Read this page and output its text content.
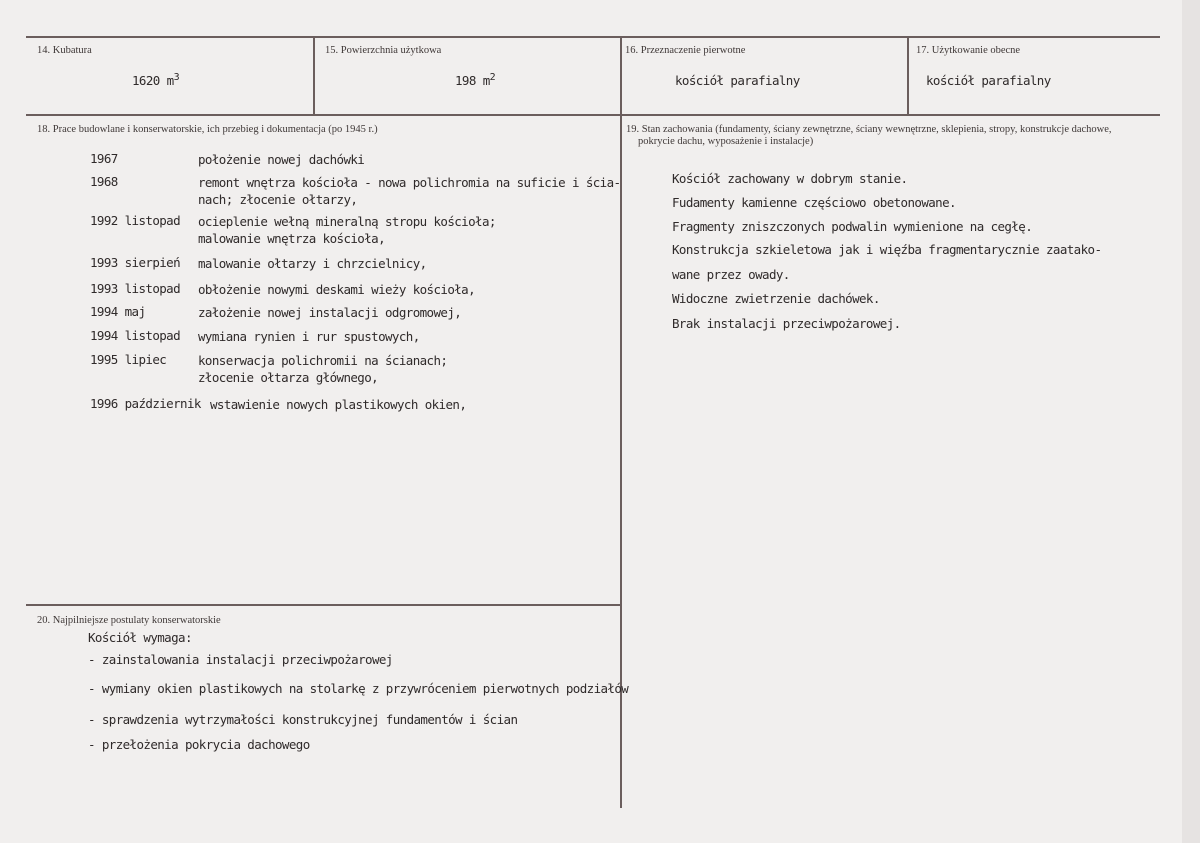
14. Kubatura
1620 $m^3$
15. Powierzchnia użytkowa
198 $m^2$
16. Przeznaczenie pierwotne
kościół parafialny
17. Użytkowanie obecne
kościół parafialny
18. Prace budowlane i konserwatorskie, ich przebieg i dokumentacja (po 1945 r.)
1967	położenie nowej dachówki
1968	remont wnętrza kościoła - nowa polichromia na suficie i ścia-
nach; złocenie ołtarzy,
1992 listopad ocieplenie wełną mineralną stropu kościoła;
malowanie wnętrza kościoła,
1993 sierpień malowanie ołtarzy i chrzcielnicy,
1993 listopad obłożenie nowymi deskami wieży kościoła,
1994 maj	założenie nowej instalacji odgromowej,
1994 listopad wymiana rynien i rur spustowych,
1995 lipiec	konserwacja polichromii na ścianach;
złocenie ołtarza głównego,
1996 październik wstawienie nowych plastikowych okien,
19. Stan zachowania (fundamenty, ściany zewnętrzne, ściany wewnętrzne, sklepienia, stropy, konstrukcje dachowe,
pokrycie dachu, wyposażenie i instalacje)
Kościół zachowany w dobrym stanie.
Fudamenty kamienne częściowo obetonowane.
Fragmenty zniszczonych podwalin wymienione na cegłę.
Konstrukcja szkieletowa jak i więźba fragmentarycznie zaatako-
wane przez owady.
Widoczne zwietrzenie dachówek.
Brak instalacji przeciwpożarowej.
20. Najpilniejsze postulaty konserwatorskie
Kościół wymaga:
- zainstalowania instalacji przeciwpożarowej
- wymiany okien plastikowych na stolarkę z przywróceniem pierwotnych podziałów
- sprawdzenia wytrzymałości konstrukcyjnej fundamentów i ścian
- przełożenia pokrycia dachowego
